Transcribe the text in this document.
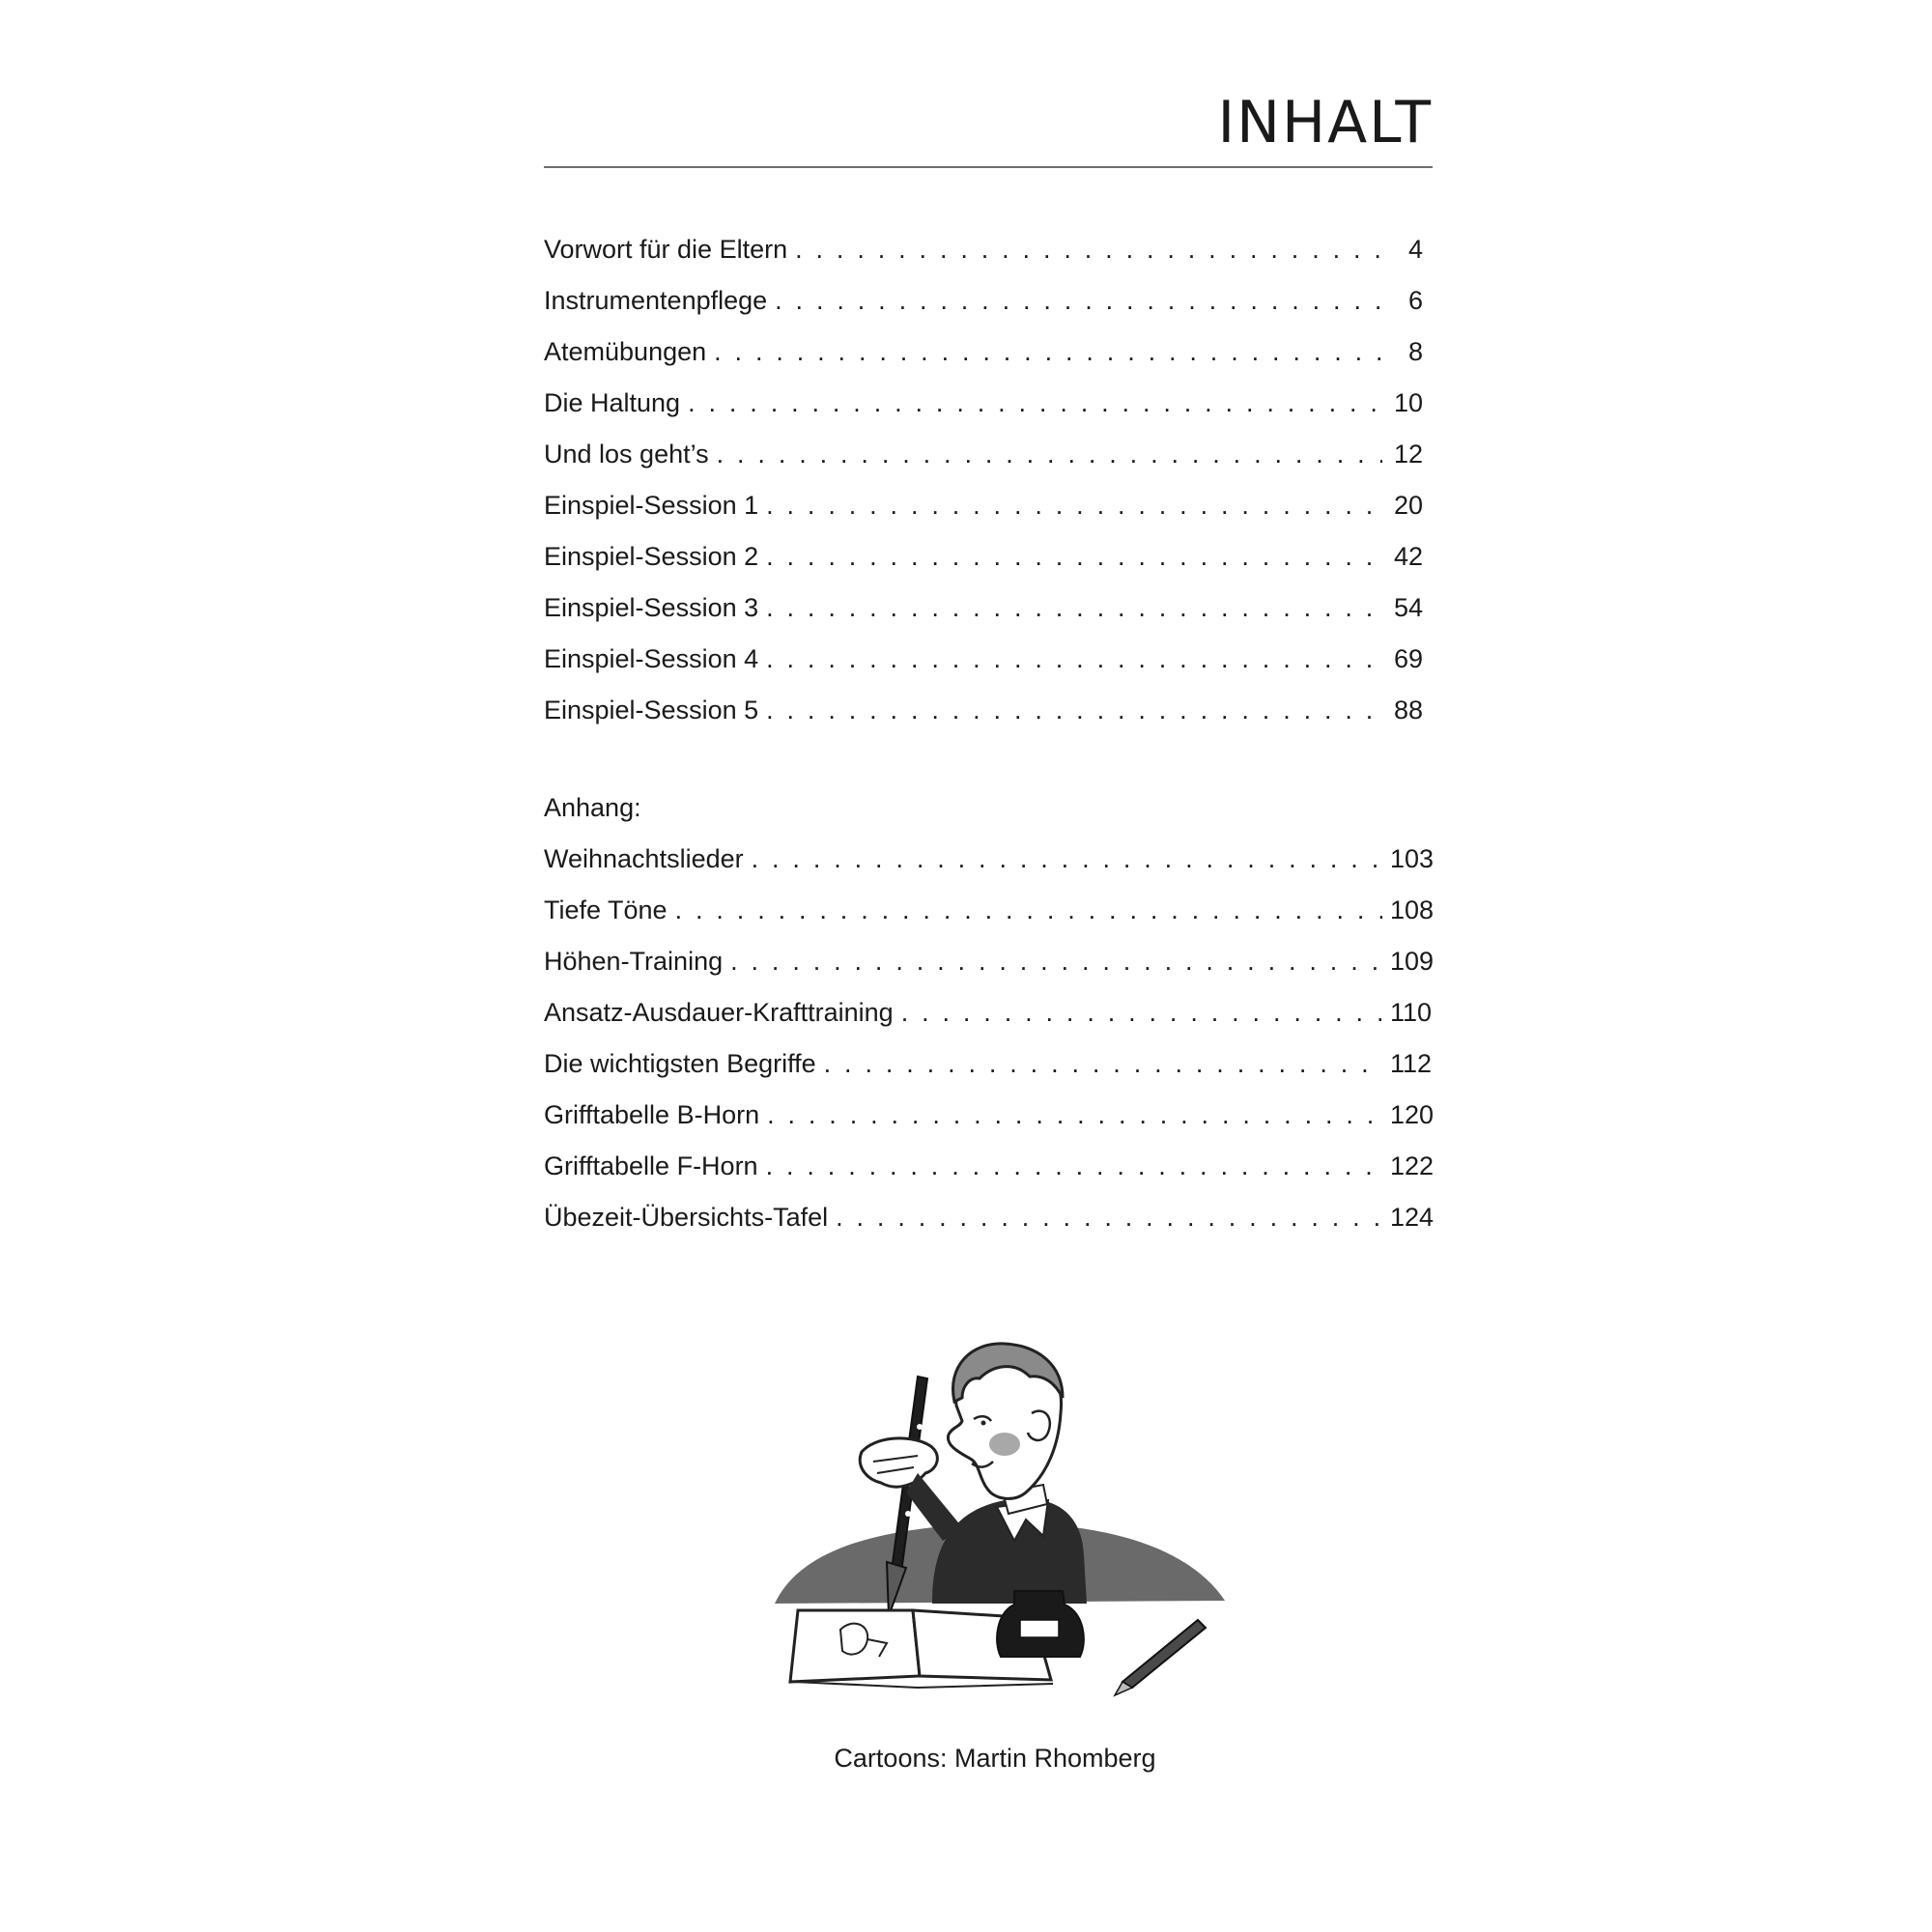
INHALT
Vorwort für die Eltern . . .	4
Instrumentenpflege . . .	6
Atemübungen . . .	8
Die Haltung . . .	10
Und los geht’s . . .	12
Einspiel-Session 1 . . .	20
Einspiel-Session 2 . . .	42
Einspiel-Session 3 . . .	54
Einspiel-Session 4 . . .	69
Einspiel-Session 5 . . .	88
Anhang:
Weihnachtslieder . . .	103
Tiefe Töne . . .	108
Höhen-Training . . .	109
Ansatz-Ausdauer-Krafttraining . . .	110
Die wichtigsten Begriffe . . .	112
Grifftabelle B-Horn . . .	120
Grifftabelle F-Horn . . .	122
Übezeit-Übersichts-Tafel . . .	124
Cartoons: Martin Rhomberg
